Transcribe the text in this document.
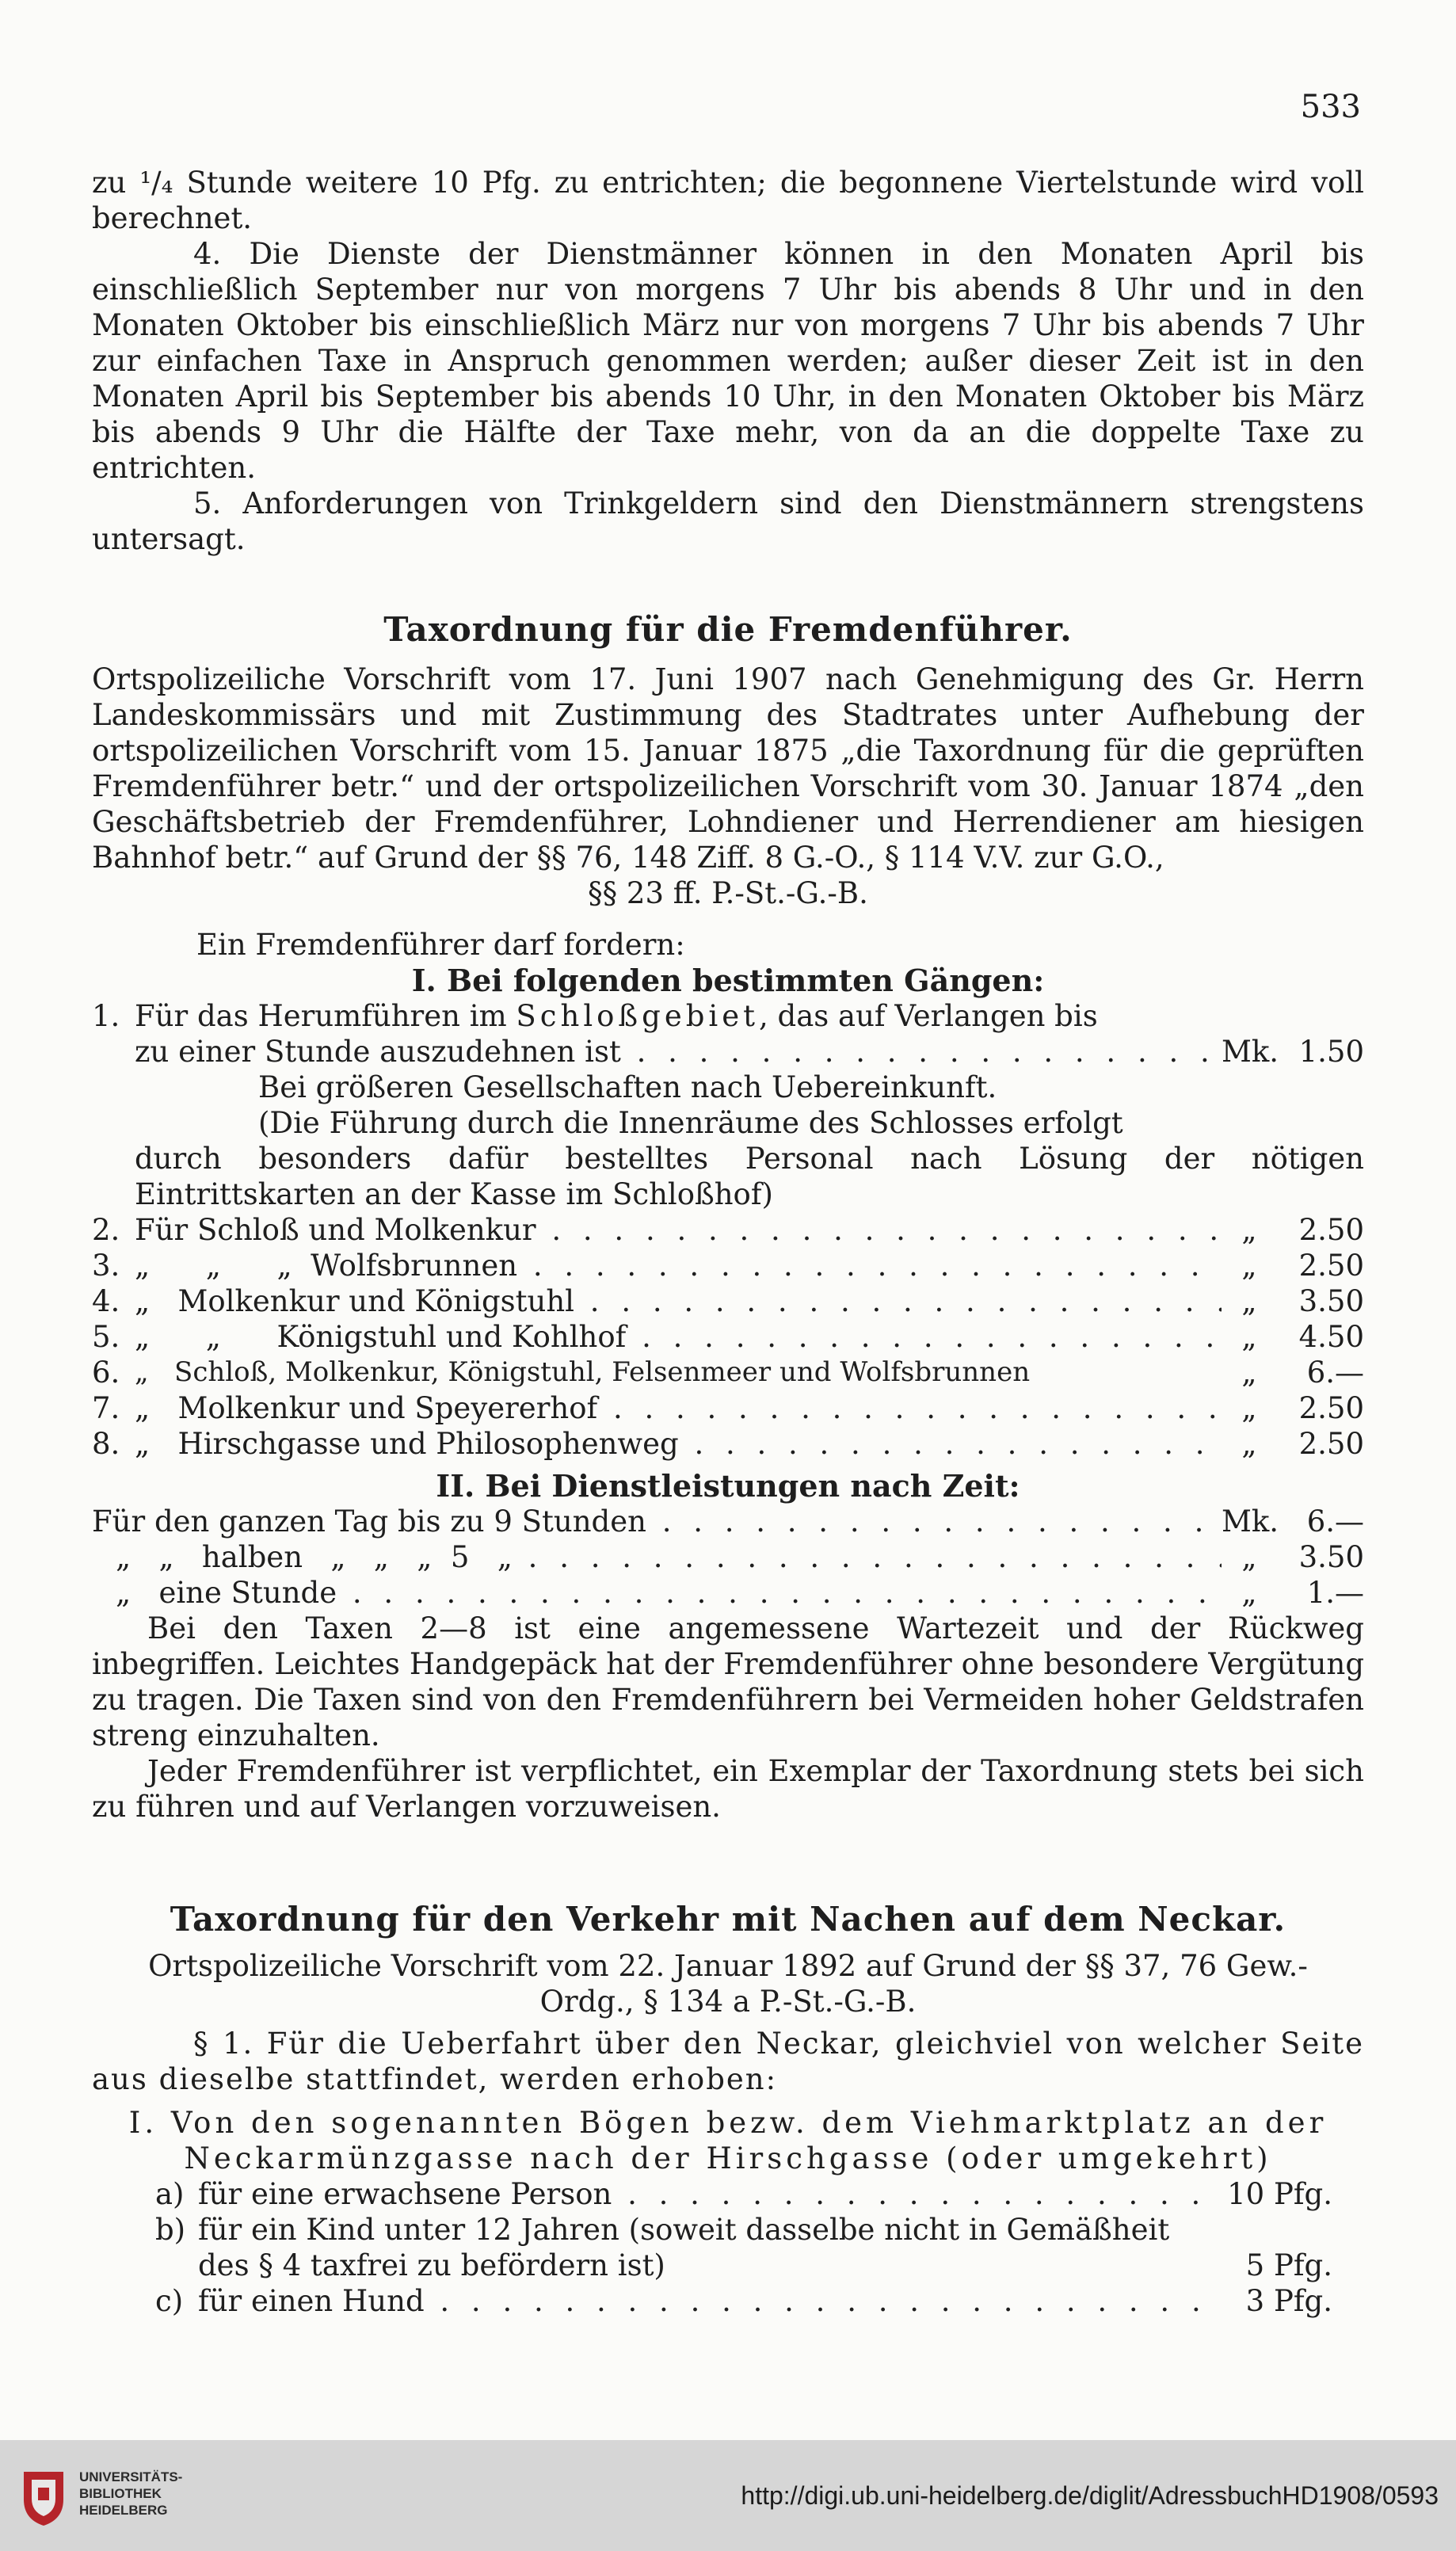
533

zu ¹/₄ Stunde weitere 10 Pfg. zu entrichten; die begonnene Viertelstunde wird voll berechnet.

4. Die Dienste der Dienstmänner können in den Monaten April bis einschließlich September nur von morgens 7 Uhr bis abends 8 Uhr und in den Monaten Oktober bis einschließlich März nur von morgens 7 Uhr bis abends 7 Uhr zur einfachen Taxe in Anspruch genommen werden; außer dieser Zeit ist in den Monaten April bis September bis abends 10 Uhr, in den Monaten Oktober bis März bis abends 9 Uhr die Hälfte der Taxe mehr, von da an die doppelte Taxe zu entrichten.

5. Anforderungen von Trinkgeldern sind den Dienstmännern strengstens untersagt.

Taxordnung für die Fremdenführer.

Ortspolizeiliche Vorschrift vom 17. Juni 1907 nach Genehmigung des Gr. Herrn Landeskommissärs und mit Zustimmung des Stadtrates unter Aufhebung der ortspolizeilichen Vorschrift vom 15. Januar 1875 „die Taxordnung für die geprüften Fremdenführer betr.“ und der ortspolizeilichen Vorschrift vom 30. Januar 1874 „den Geschäftsbetrieb der Fremdenführer, Lohndiener und Herrendiener am hiesigen Bahnhof betr.“ auf Grund der §§ 76, 148 Ziff. 8 G.-O., § 114 V.V. zur G.O.,

§§ 23 ff. P.-St.-G.-B.

Ein Fremdenführer darf fordern:

I. Bei folgenden bestimmten Gängen:
1. Für das Herumführen im Schloßgebiet, das auf Verlangen bis
zu einer Stunde auszudehnen ist . . .	Mk. 1.50

Bei größeren Gesellschaften nach Uebereinkunft.

(Die Führung durch die Innenräume des Schlosses erfolgt

durch besonders dafür bestelltes Personal nach Lösung der nötigen Eintrittskarten an der Kasse im Schloßhof)

2. Für Schloß und Molkenkur . . .	„	2.50
3. „      „      „  Wolfsbrunnen . . .	„	2.50
4. „   Molkenkur und Königstuhl . . .	„	3.50
5. „      „      Königstuhl und Kohlhof . . .	„	4.50
6. „   Schloß, Molkenkur, Königstuhl, Felsenmeer und Wolfsbrunnen	„	6.—
7. „   Molkenkur und Speyererhof . . .	„	2.50
8. „   Hirschgasse und Philosophenweg . . .	„	2.50
II. Bei Dienstleistungen nach Zeit:
Für den ganzen Tag bis zu 9 Stunden . . .	Mk. 6.—
„   „   halben   „   „   „  5   „ . . .	„	3.50
„   eine Stunde . . .	„	1.—

Bei den Taxen 2—8 ist eine angemessene Wartezeit und der Rückweg inbegriffen. Leichtes Handgepäck hat der Fremdenführer ohne besondere Vergütung zu tragen. Die Taxen sind von den Fremdenführern bei Vermeiden hoher Geldstrafen streng einzuhalten.

Jeder Fremdenführer ist verpflichtet, ein Exemplar der Taxordnung stets bei sich zu führen und auf Verlangen vorzuweisen.

Taxordnung für den Verkehr mit Nachen auf dem Neckar.

Ortspolizeiliche Vorschrift vom 22. Januar 1892 auf Grund der §§ 37, 76 Gew.-Ordg., § 134 a P.-St.-G.-B.

§ 1. Für die Ueberfahrt über den Neckar, gleichviel von welcher Seite aus dieselbe stattfindet, werden erhoben:

I. Von den sogenannten Bögen bezw. dem Viehmarktplatz an der Neckarmünzgasse nach der Hirschgasse (oder umgekehrt)

a) für eine erwachsene Person . . .	10 Pfg.
b) für ein Kind unter 12 Jahren (soweit dasselbe nicht in Gemäßheit des § 4 taxfrei zu befördern ist)	5 Pfg.
c) für einen Hund . . .	3 Pfg.
UNIVERSITÄTS-
BIBLIOTHEK
HEIDELBERG
http://digi.ub.uni-heidelberg.de/diglit/AdressbuchHD1908/0593
